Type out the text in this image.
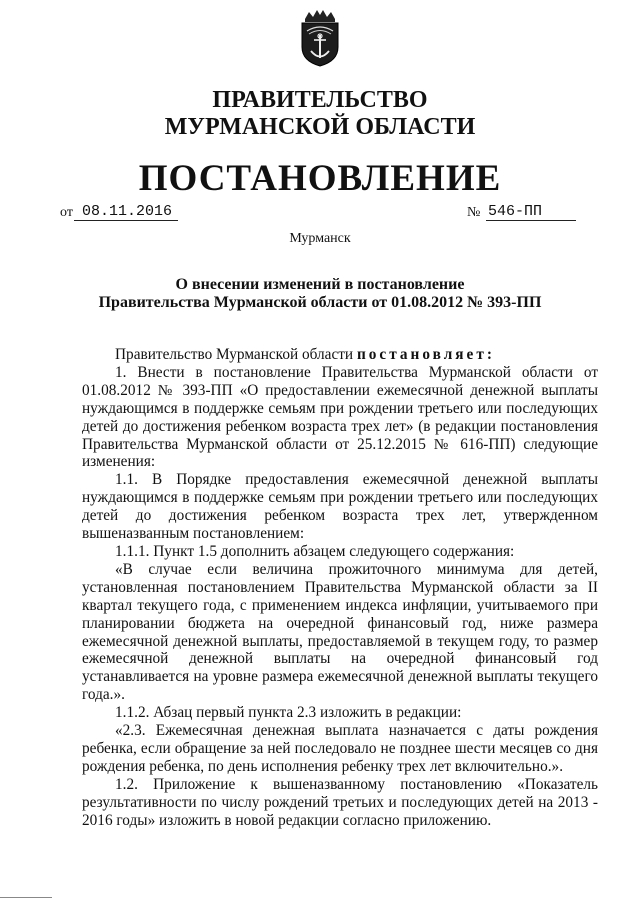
ПРАВИТЕЛЬСТВО
МУРМАНСКОЙ ОБЛАСТИ
ПОСТАНОВЛЕНИЕ
от 08.11.2016	№ 546-ПП
Мурманск
О внесении изменений в постановление
Правительства Мурманской области от 01.08.2012 № 393-ПП

Правительство Мурманской области постановляет:

1. Внести в постановление Правительства Мурманской области от 01.08.2012 № 393-ПП «О предоставлении ежемесячной денежной выплаты нуждающимся в поддержке семьям при рождении третьего или последующих детей до достижения ребенком возраста трех лет» (в редакции постановления Правительства Мурманской области от 25.12.2015 № 616-ПП) следующие изменения:

1.1. В Порядке предоставления ежемесячной денежной выплаты нуждающимся в поддержке семьям при рождении третьего или последующих детей до достижения ребенком возраста трех лет, утвержденном вышеназванным постановлением:

1.1.1. Пункт 1.5 дополнить абзацем следующего содержания:

«В случае если величина прожиточного минимума для детей, установленная постановлением Правительства Мурманской области за II квартал текущего года, с применением индекса инфляции, учитываемого при планировании бюджета на очередной финансовый год, ниже размера ежемесячной денежной выплаты, предоставляемой в текущем году, то размер ежемесячной денежной выплаты на очередной финансовый год устанавливается на уровне размера ежемесячной денежной выплаты текущего года.».

1.1.2. Абзац первый пункта 2.3 изложить в редакции:

«2.3. Ежемесячная денежная выплата назначается с даты рождения ребенка, если обращение за ней последовало не позднее шести месяцев со дня рождения ребенка, по день исполнения ребенку трех лет включительно.».

1.2. Приложение к вышеназванному постановлению «Показатель результативности по числу рождений третьих и последующих детей на 2013 - 2016 годы» изложить в новой редакции согласно приложению.
